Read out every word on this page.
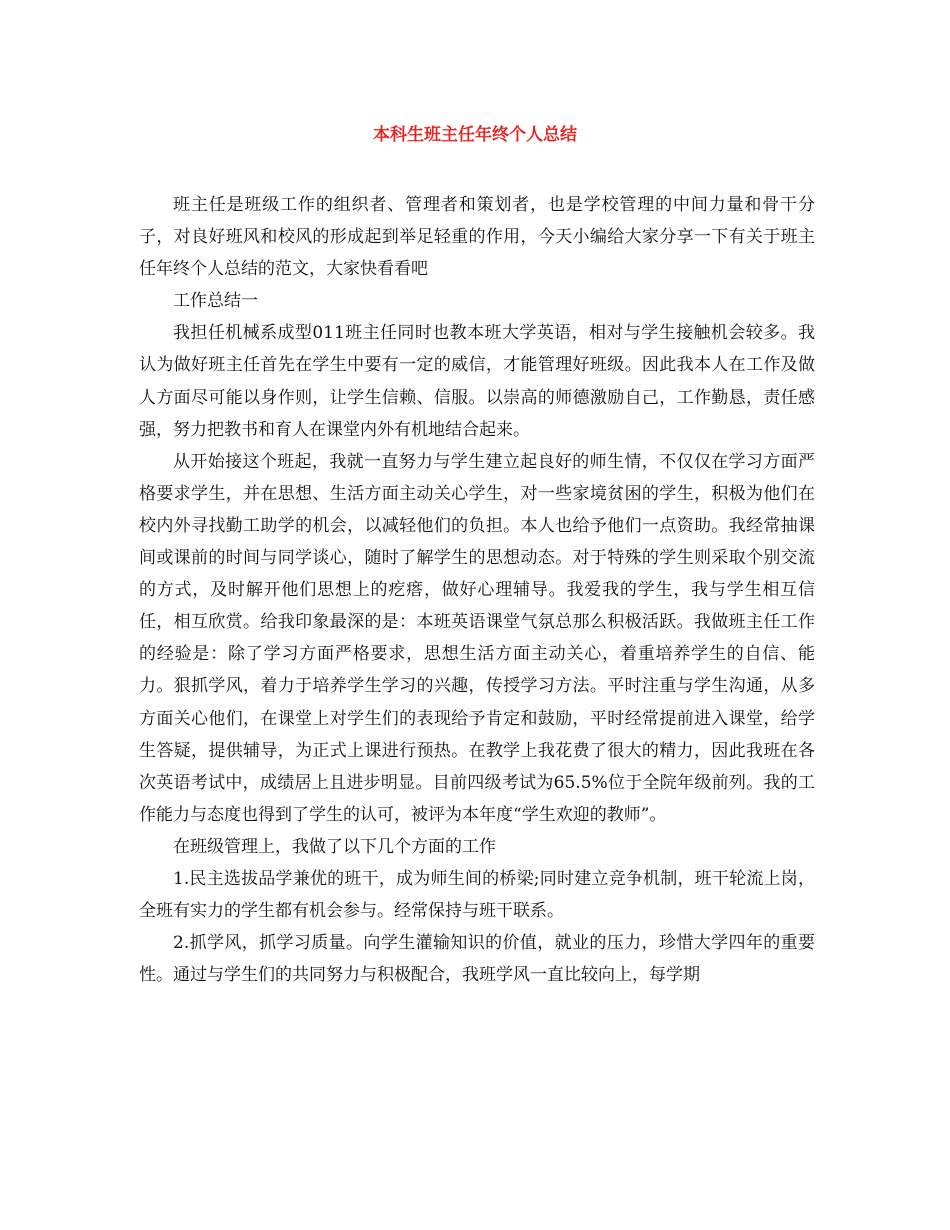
本科生班主任年终个人总结

班主任是班级工作的组织者、管理者和策划者，也是学校管理的中间力量和骨干分子，对良好班风和校风的形成起到举足轻重的作用，今天小编给大家分享一下有关于班主任年终个人总结的范文，大家快看看吧

工作总结一

我担任机械系成型011班主任同时也教本班大学英语，相对与学生接触机会较多。我认为做好班主任首先在学生中要有一定的威信，才能管理好班级。因此我本人在工作及做人方面尽可能以身作则，让学生信赖、信服。以崇高的师德激励自己，工作勤恳，责任感强，努力把教书和育人在课堂内外有机地结合起来。

从开始接这个班起，我就一直努力与学生建立起良好的师生情，不仅仅在学习方面严格要求学生，并在思想、生活方面主动关心学生，对一些家境贫困的学生，积极为他们在校内外寻找勤工助学的机会，以减轻他们的负担。本人也给予他们一点资助。我经常抽课间或课前的时间与同学谈心，随时了解学生的思想动态。对于特殊的学生则采取个别交流的方式，及时解开他们思想上的疙瘩，做好心理辅导。我爱我的学生，我与学生相互信任，相互欣赏。给我印象最深的是：本班英语课堂气氛总那么积极活跃。我做班主任工作的经验是：除了学习方面严格要求，思想生活方面主动关心，着重培养学生的自信、能力。狠抓学风，着力于培养学生学习的兴趣，传授学习方法。平时注重与学生沟通，从多方面关心他们，在课堂上对学生们的表现给予肯定和鼓励，平时经常提前进入课堂，给学生答疑，提供辅导，为正式上课进行预热。在教学上我花费了很大的精力，因此我班在各次英语考试中，成绩居上且进步明显。目前四级考试为65.5%位于全院年级前列。我的工作能力与态度也得到了学生的认可，被评为本年度“学生欢迎的教师”。

在班级管理上，我做了以下几个方面的工作

1.民主选拔品学兼优的班干，成为师生间的桥梁;同时建立竞争机制，班干轮流上岗，全班有实力的学生都有机会参与。经常保持与班干联系。

2.抓学风，抓学习质量。向学生灌输知识的价值，就业的压力，珍惜大学四年的重要性。通过与学生们的共同努力与积极配合，我班学风一直比较向上，每学期
